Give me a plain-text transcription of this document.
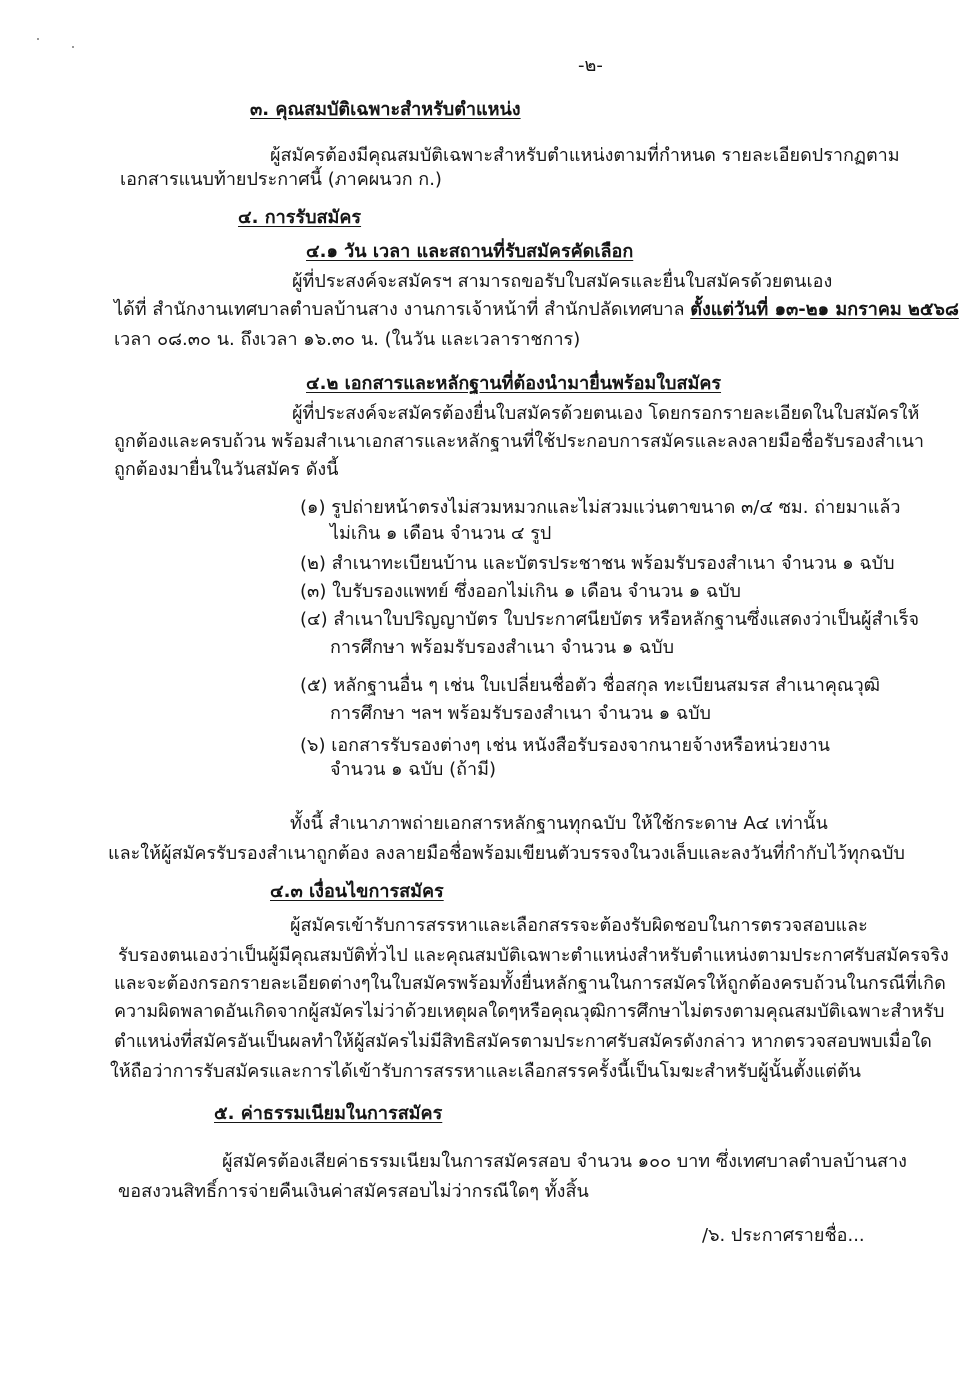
-๒-
๓. คุณสมบัติเฉพาะสำหรับตำแหน่ง
ผู้สมัครต้องมีคุณสมบัติเฉพาะสำหรับตำแหน่งตามที่กำหนด รายละเอียดปรากฏตาม
เอกสารแนบท้ายประกาศนี้ (ภาคผนวก ก.)
๔. การรับสมัคร
๔.๑ วัน เวลา และสถานที่รับสมัครคัดเลือก
ผู้ที่ประสงค์จะสมัครฯ สามารถขอรับใบสมัครและยื่นใบสมัครด้วยตนเอง
ได้ที่ สำนักงานเทศบาลตำบลบ้านสาง งานการเจ้าหน้าที่ สำนักปลัดเทศบาล ตั้งแต่วันที่ ๑๓-๒๑ มกราคม ๒๕๖๘
เวลา ๐๘.๓๐ น. ถึงเวลา ๑๖.๓๐ น. (ในวัน และเวลาราชการ)
๔.๒ เอกสารและหลักฐานที่ต้องนำมายื่นพร้อมใบสมัคร
ผู้ที่ประสงค์จะสมัครต้องยื่นใบสมัครด้วยตนเอง โดยกรอกรายละเอียดในใบสมัครให้
ถูกต้องและครบถ้วน พร้อมสำเนาเอกสารและหลักฐานที่ใช้ประกอบการสมัครและลงลายมือชื่อรับรองสำเนา
ถูกต้องมายื่นในวันสมัคร ดังนี้
(๑) รูปถ่ายหน้าตรงไม่สวมหมวกและไม่สวมแว่นตาขนาด ๓/๔ ซม. ถ่ายมาแล้ว
ไม่เกิน ๑ เดือน จำนวน ๔ รูป
(๒) สำเนาทะเบียนบ้าน และบัตรประชาชน พร้อมรับรองสำเนา จำนวน ๑ ฉบับ
(๓) ใบรับรองแพทย์ ซึ่งออกไม่เกิน ๑ เดือน จำนวน ๑ ฉบับ
(๔) สำเนาใบปริญญาบัตร ใบประกาศนียบัตร หรือหลักฐานซึ่งแสดงว่าเป็นผู้สำเร็จ
การศึกษา พร้อมรับรองสำเนา จำนวน ๑ ฉบับ
(๕) หลักฐานอื่น ๆ เช่น ใบเปลี่ยนชื่อตัว ชื่อสกุล ทะเบียนสมรส สำเนาคุณวุฒิ
การศึกษา ฯลฯ พร้อมรับรองสำเนา จำนวน ๑ ฉบับ
(๖) เอกสารรับรองต่างๆ เช่น หนังสือรับรองจากนายจ้างหรือหน่วยงาน
จำนวน ๑ ฉบับ (ถ้ามี)
ทั้งนี้ สำเนาภาพถ่ายเอกสารหลักฐานทุกฉบับ ให้ใช้กระดาษ A๔ เท่านั้น
และให้ผู้สมัครรับรองสำเนาถูกต้อง ลงลายมือชื่อพร้อมเขียนตัวบรรจงในวงเล็บและลงวันที่กำกับไว้ทุกฉบับ
๔.๓ เงื่อนไขการสมัคร
ผู้สมัครเข้ารับการสรรหาและเลือกสรรจะต้องรับผิดชอบในการตรวจสอบและ
รับรองตนเองว่าเป็นผู้มีคุณสมบัติทั่วไป และคุณสมบัติเฉพาะตำแหน่งสำหรับตำแหน่งตามประกาศรับสมัครจริง
และจะต้องกรอกรายละเอียดต่างๆในใบสมัครพร้อมทั้งยื่นหลักฐานในการสมัครให้ถูกต้องครบถ้วนในกรณีที่เกิด
ความผิดพลาดอันเกิดจากผู้สมัครไม่ว่าด้วยเหตุผลใดๆหรือคุณวุฒิการศึกษาไม่ตรงตามคุณสมบัติเฉพาะสำหรับ
ตำแหน่งที่สมัครอันเป็นผลทำให้ผู้สมัครไม่มีสิทธิสมัครตามประกาศรับสมัครดังกล่าว หากตรวจสอบพบเมื่อใด
ให้ถือว่าการรับสมัครและการได้เข้ารับการสรรหาและเลือกสรรครั้งนี้เป็นโมฆะสำหรับผู้นั้นตั้งแต่ต้น
๕. ค่าธรรมเนียมในการสมัคร
ผู้สมัครต้องเสียค่าธรรมเนียมในการสมัครสอบ จำนวน ๑๐๐ บาท ซึ่งเทศบาลตำบลบ้านสาง
ขอสงวนสิทธิ์การจ่ายคืนเงินค่าสมัครสอบไม่ว่ากรณีใดๆ ทั้งสิ้น
/๖. ประกาศรายชื่อ...
